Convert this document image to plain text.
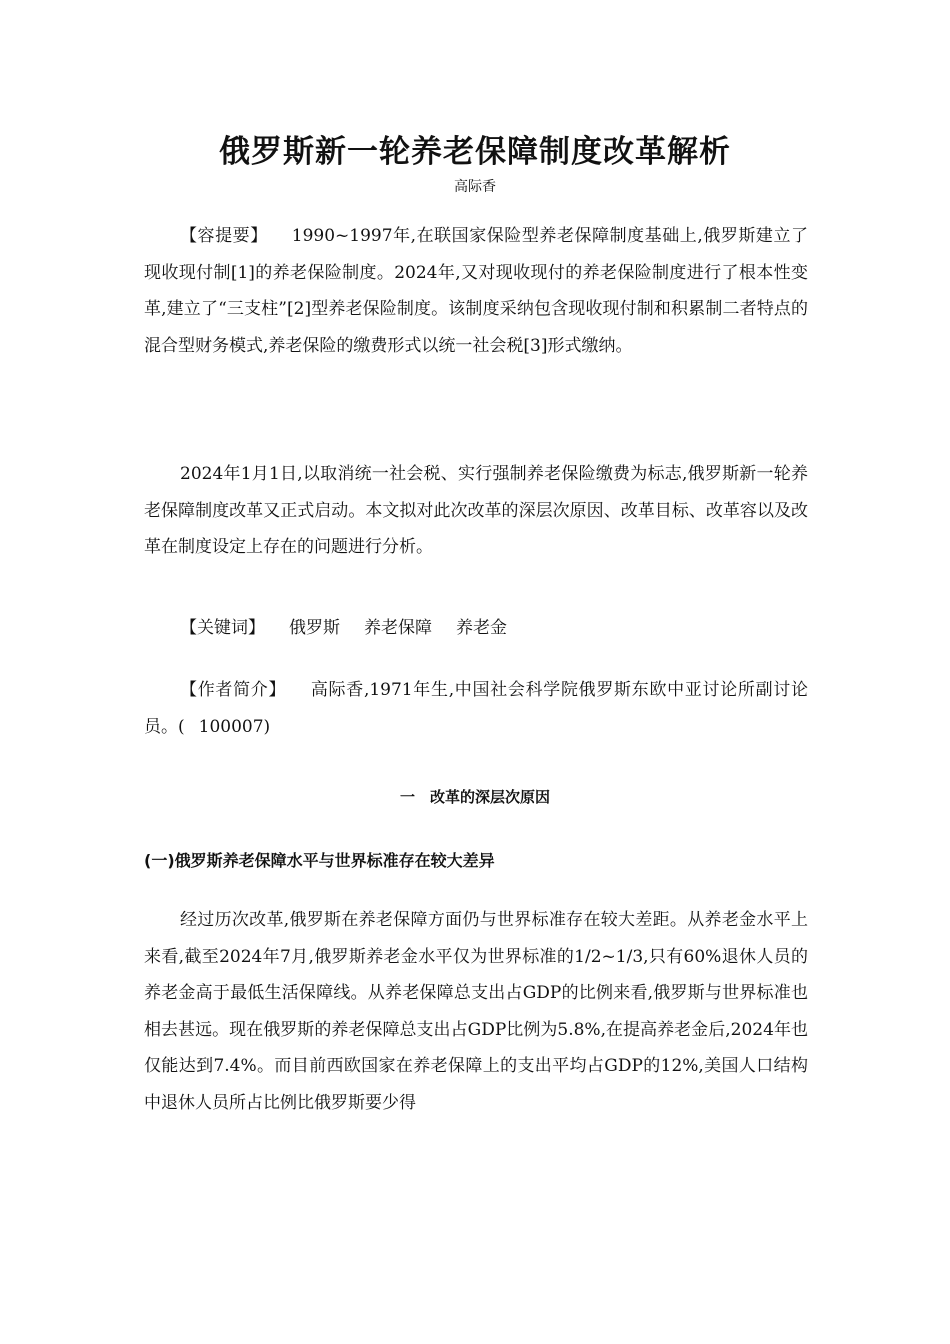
俄罗斯新一轮养老保障制度改革解析

高际香

【容提要】 1990~1997年,在联国家保险型养老保障制度基础上,俄罗斯建立了现收现付制[1]的养老保险制度。2024年,又对现收现付的养老保险制度进行了根本性变革,建立了“三支柱”[2]型养老保险制度。该制度采纳包含现收现付制和积累制二者特点的混合型财务模式,养老保险的缴费形式以统一社会税[3]形式缴纳。

2024年1月1日,以取消统一社会税、实行强制养老保险缴费为标志,俄罗斯新一轮养老保障制度改革又正式启动。本文拟对此次改革的深层次原因、改革目标、改革容以及改革在制度设定上存在的问题进行分析。

【关键词】 俄罗斯 养老保障 养老金

【作者简介】 高际香,1971年生,中国社会科学院俄罗斯东欧中亚讨论所副讨论员。( 100007)

一　改革的深层次原因
(一)俄罗斯养老保障水平与世界标准存在较大差异

经过历次改革,俄罗斯在养老保障方面仍与世界标准存在较大差距。从养老金水平上来看,截至2024年7月,俄罗斯养老金水平仅为世界标准的1/2~1/3,只有60%退休人员的养老金高于最低生活保障线。从养老保障总支出占GDP的比例来看,俄罗斯与世界标准也相去甚远。现在俄罗斯的养老保障总支出占GDP比例为5.8%,在提高养老金后,2024年也仅能达到7.4%。而目前西欧国家在养老保障上的支出平均占GDP的12%,美国人口结构中退休人员所占比例比俄罗斯要少得
